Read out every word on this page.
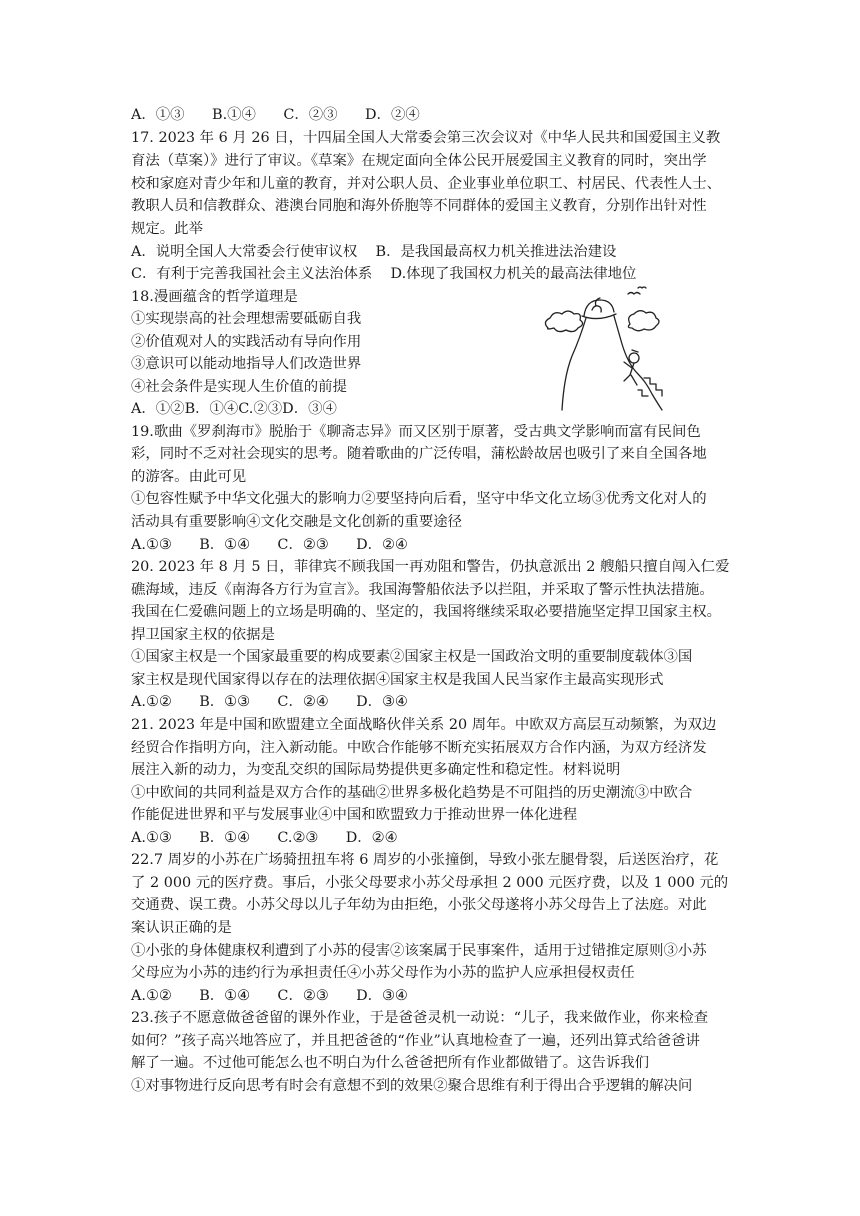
A．①③      B.①④      C．②③      D．②④
17. 2023 年 6 月 26 日，十四届全国人大常委会第三次会议对《中华人民共和国爱国主义教
育法（草案）》进行了审议。《草案》在规定面向全体公民开展爱国主义教育的同时，突出学
校和家庭对青少年和儿童的教育，并对公职人员、企业事业单位职工、村居民、代表性人士、
教职人员和信教群众、港澳台同胞和海外侨胞等不同群体的爱国主义教育，分别作出针对性
规定。此举
A．说明全国人大常委会行使审议权    B．是我国最高权力机关推进法治建设
C．有利于完善我国社会主义法治体系    D.体现了我国权力机关的最高法律地位
18.漫画蕴含的哲学道理是
①实现崇高的社会理想需要砥砺自我
②价值观对人的实践活动有导向作用
③意识可以能动地指导人们改造世界
④社会条件是实现人生价值的前提
A．①②B．①④C.②③D．③④
19.歌曲《罗刹海市》脱胎于《聊斋志异》而又区别于原著，受古典文学影响而富有民间色
彩，同时不乏对社会现实的思考。随着歌曲的广泛传唱，蒲松龄故居也吸引了来自全国各地
的游客。由此可见
①包容性赋予中华文化强大的影响力②要坚持向后看，坚守中华文化立场③优秀文化对人的
活动具有重要影响④文化交融是文化创新的重要途径
A.①③      B．①④      C．②③      D．②④
20. 2023 年 8 月 5 日，菲律宾不顾我国一再劝阻和警告，仍执意派出 2 艘船只擅自闯入仁爱
礁海域，违反《南海各方行为宣言》。我国海警船依法予以拦阻，并采取了警示性执法措施。
我国在仁爱礁问题上的立场是明确的、坚定的，我国将继续采取必要措施坚定捍卫国家主权。
捍卫国家主权的依据是
①国家主权是一个国家最重要的构成要素②国家主权是一国政治文明的重要制度载体③国
家主权是现代国家得以存在的法理依据④国家主权是我国人民当家作主最高实现形式
A.①②      B．①③      C．②④      D．③④
21. 2023 年是中国和欧盟建立全面战略伙伴关系 20 周年。中欧双方高层互动频繁，为双边
经贸合作指明方向，注入新动能。中欧合作能够不断充实拓展双方合作内涵，为双方经济发
展注入新的动力，为变乱交织的国际局势提供更多确定性和稳定性。材料说明
①中欧间的共同利益是双方合作的基础②世界多极化趋势是不可阻挡的历史潮流③中欧合
作能促进世界和平与发展事业④中国和欧盟致力于推动世界一体化进程
A.①③      B．①④      C.②③      D．②④
22.7 周岁的小苏在广场骑扭扭车将 6 周岁的小张撞倒，导致小张左腿骨裂，后送医治疗，花
了 2 000 元的医疗费。事后，小张父母要求小苏父母承担 2 000 元医疗费，以及 1 000 元的
交通费、误工费。小苏父母以儿子年幼为由拒绝，小张父母遂将小苏父母告上了法庭。对此
案认识正确的是
①小张的身体健康权利遭到了小苏的侵害②该案属于民事案件，适用于过错推定原则③小苏
父母应为小苏的违约行为承担责任④小苏父母作为小苏的监护人应承担侵权责任
A.①②      B．①④      C．②③      D．③④
23.孩子不愿意做爸爸留的课外作业，于是爸爸灵机一动说：“儿子，我来做作业，你来检查
如何？”孩子高兴地答应了，并且把爸爸的“作业”认真地检查了一遍，还列出算式给爸爸讲
解了一遍。不过他可能怎么也不明白为什么爸爸把所有作业都做错了。这告诉我们
①对事物进行反向思考有时会有意想不到的效果②聚合思维有利于得出合乎逻辑的解决问
